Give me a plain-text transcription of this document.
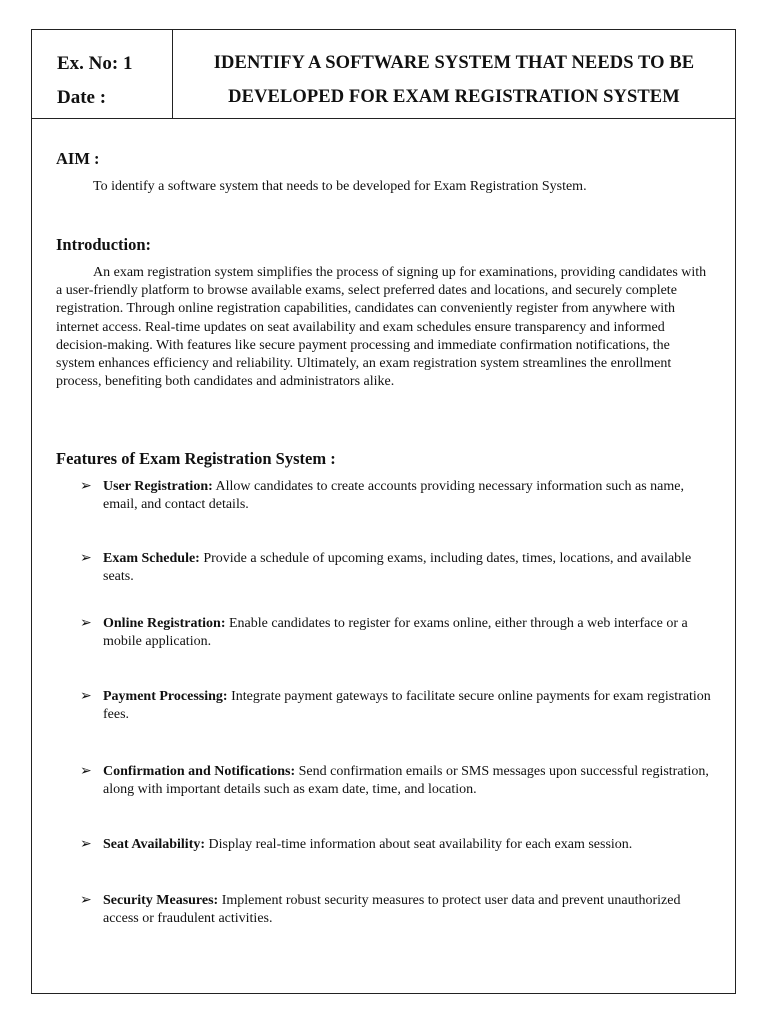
Ex. No: 1
Date :
IDENTIFY A SOFTWARE SYSTEM THAT NEEDS TO BE
DEVELOPED FOR EXAM REGISTRATION SYSTEM
AIM :
To identify a software system that needs to be developed for Exam Registration System.
Introduction:
An exam registration system simplifies the process of signing up for examinations, providing candidates with a user-friendly platform to browse available exams, select preferred dates and locations, and securely complete registration. Through online registration capabilities, candidates can conveniently register from anywhere with internet access. Real-time updates on seat availability and exam schedules ensure transparency and informed decision-making. With features like secure payment processing and immediate confirmation notifications, the system enhances efficiency and reliability. Ultimately, an exam registration system streamlines the enrollment process, benefiting both candidates and administrators alike.
Features of Exam Registration System :
➢ User Registration: Allow candidates to create accounts providing necessary information such as name, email, and contact details.
➢ Exam Schedule: Provide a schedule of upcoming exams, including dates, times, locations, and available seats.
➢ Online Registration: Enable candidates to register for exams online, either through a web interface or a mobile application.
➢ Payment Processing: Integrate payment gateways to facilitate secure online payments for exam registration fees.
➢ Confirmation and Notifications: Send confirmation emails or SMS messages upon successful registration, along with important details such as exam date, time, and location.
➢ Seat Availability: Display real-time information about seat availability for each exam session.
➢ Security Measures: Implement robust security measures to protect user data and prevent unauthorized access or fraudulent activities.
